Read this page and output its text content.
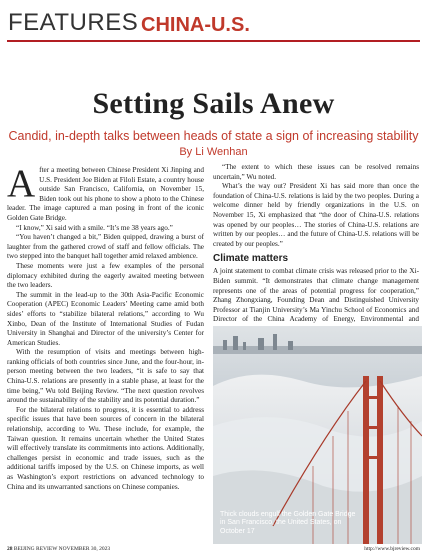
FEATURES CHINA-U.S.
Setting Sails Anew
Candid, in-depth talks between heads of state a sign of increasing stability
By Li Wenhan
A fter a meeting between Chinese President Xi Jinping and U.S. President Joe Biden at Filoli Estate, a country house outside San Francisco, California, on November 15, Biden took out his phone to show a photo to the Chinese leader. The image captured a man posing in front of the iconic Golden Gate Bridge.

“I know,” Xi said with a smile. “It’s me 38 years ago.”

“You haven’t changed a bit,” Biden quipped, drawing a burst of laughter from the gathered crowd of staff and fellow officials. The two stepped into the banquet hall together amid relaxed ambience.

These moments were just a few examples of the personal diplomacy exhibited during the eagerly awaited meeting between the two leaders.

The summit in the lead-up to the 30th Asia-Pacific Economic Cooperation (APEC) Economic Leaders’ Meeting came amid both sides’ efforts to “stabilize bilateral relations,” according to Wu Xinbo, Dean of the Institute of International Studies of Fudan University in Shanghai and Director of the university’s Center for American Studies.

With the resumption of visits and meetings between high-ranking officials of both countries since June, and the four-hour, in-person meeting between the two leaders, “it is safe to say that China-U.S. relations are presently in a stable phase, at least for the time being,” Wu told Beijing Review. “The next question revolves around the sustainability of the stability and its potential duration.”

For the bilateral relations to progress, it is essential to address specific issues that have been sources of concern in the bilateral relationship, according to Wu. These include, for example, the Taiwan question. It remains uncertain whether the United States will effectively translate its commitments into actions. Additionally, challenges persist in economic and trade issues, such as the additional tariffs imposed by the U.S. on Chinese imports, as well as Washington’s export restrictions on advanced technology to China and its unwarranted sanctions on Chinese companies.

“The extent to which these issues can be resolved remains uncertain,” Wu noted.

What’s the way out? President Xi has said more than once the foundation of China-U.S. relations is laid by the two peoples. During a welcome dinner held by friendly organizations in the U.S. on November 15, Xi emphasized that “the door of China-U.S. relations was opened by our peoples… The stories of China-U.S. relations are written by our peoples… and the future of China-U.S. relations will be created by our peoples.”

Climate matters

A joint statement to combat climate crisis was released prior to the Xi-Biden summit. “It demonstrates that climate change management represents one of the areas of potential progress for cooperation,” Zhang Zhongxiang, Founding Dean and Distinguished University Professor at Tianjin University’s Ma Yinchu School of Economics and Director of the China Academy of Energy, Environmental and

Thick clouds engulf the Golden Gate Bridge in San Francisco, the United States, on October 17
28 BEIJING REVIEW NOVEMBER 30, 2023	http://www.bjreview.com
